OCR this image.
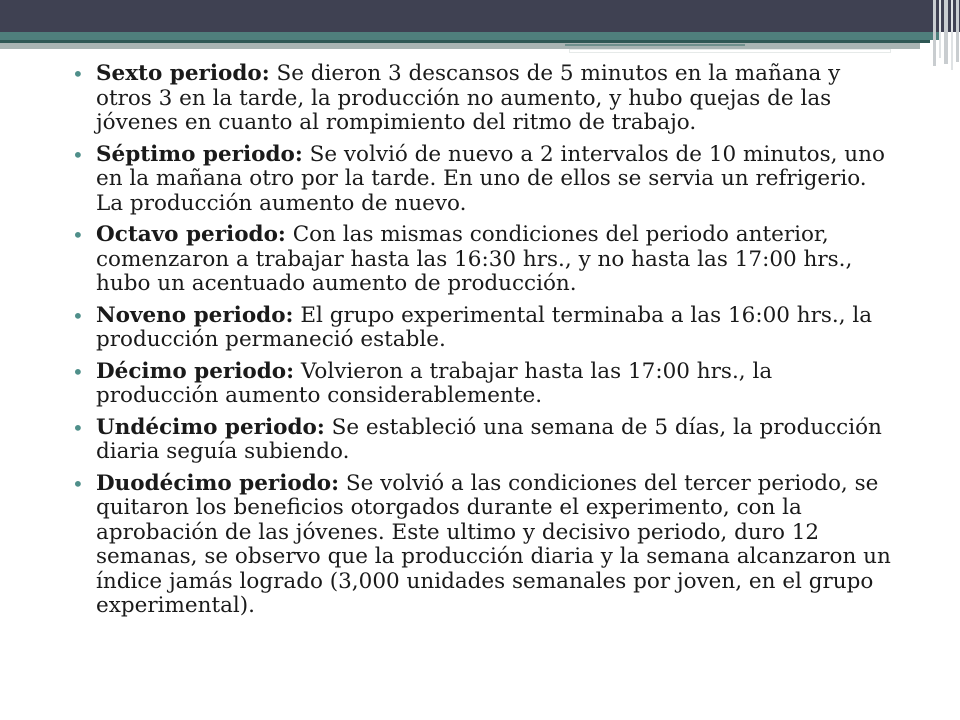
• Sexto periodo: Se dieron 3 descansos de 5 minutos en la mañana y otros 3 en la tarde, la producción no aumento, y hubo quejas de las jóvenes en cuanto al rompimiento del ritmo de trabajo.
• Séptimo periodo: Se volvió de nuevo a 2 intervalos de 10 minutos, uno en la mañana otro por la tarde. En uno de ellos se servia un refrigerio. La producción aumento de nuevo.
• Octavo periodo: Con las mismas condiciones del periodo anterior, comenzaron a trabajar hasta las 16:30 hrs., y no hasta las 17:00 hrs., hubo un acentuado aumento de producción.
• Noveno periodo: El grupo experimental terminaba a las 16:00 hrs., la producción permaneció estable.
• Décimo periodo: Volvieron a trabajar hasta las 17:00 hrs., la producción aumento considerablemente.
• Undécimo periodo: Se estableció una semana de 5 días, la producción diaria seguía subiendo.
• Duodécimo periodo: Se volvió a las condiciones del tercer periodo, se quitaron los beneficios otorgados durante el experimento, con la aprobación de las jóvenes. Este ultimo y decisivo periodo, duro 12 semanas, se observo que la producción diaria y la semana alcanzaron un índice jamás logrado (3,000 unidades semanales por joven, en el grupo experimental).
